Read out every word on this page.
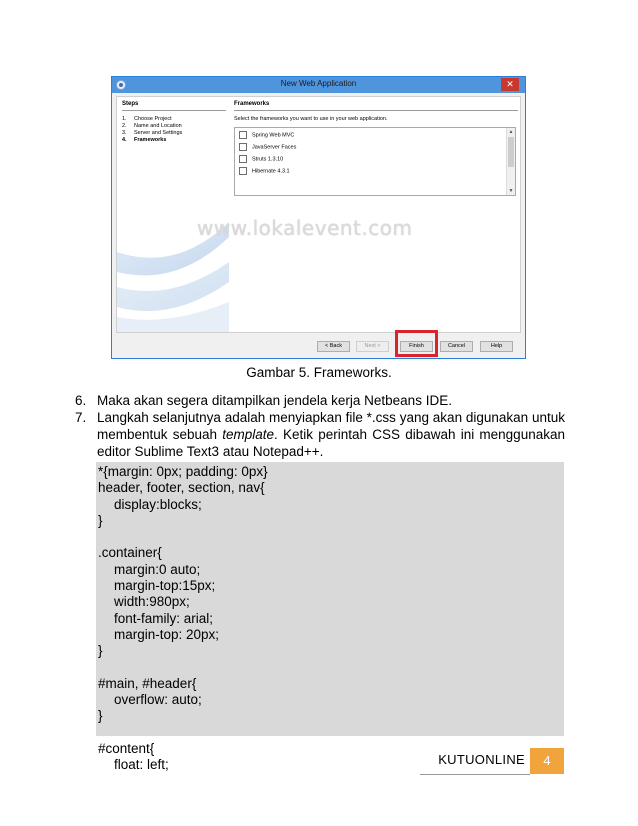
New Web Application	✕
Steps
1. Choose Project
2. Name and Location
3. Server and Settings
4. Frameworks
Frameworks
Select the frameworks you want to use in your web application.
Spring Web MVC
JavaServer Faces
Struts 1.3.10
Hibernate 4.3.1
▲
▼
www.lokalevent.com
< Back	Next >	Finish	Cancel	Help
Gambar 5. Frameworks.
6. Maka akan segera ditampilkan jendela kerja Netbeans IDE.
7. Langkah selanjutnya adalah menyiapkan file *.css yang akan digunakan untuk membentuk sebuah template. Ketik perintah CSS dibawah ini menggunakan editor Sublime Text3 atau Notepad++.
*{margin: 0px; padding: 0px}
header, footer, section, nav{
display:blocks;
}
.container{
margin:0 auto;
margin-top:15px;
width:980px;
font-family: arial;
margin-top: 20px;
}
#main, #header{
overflow: auto;
}
#content{
float: left;	KUTUONLINE	4
